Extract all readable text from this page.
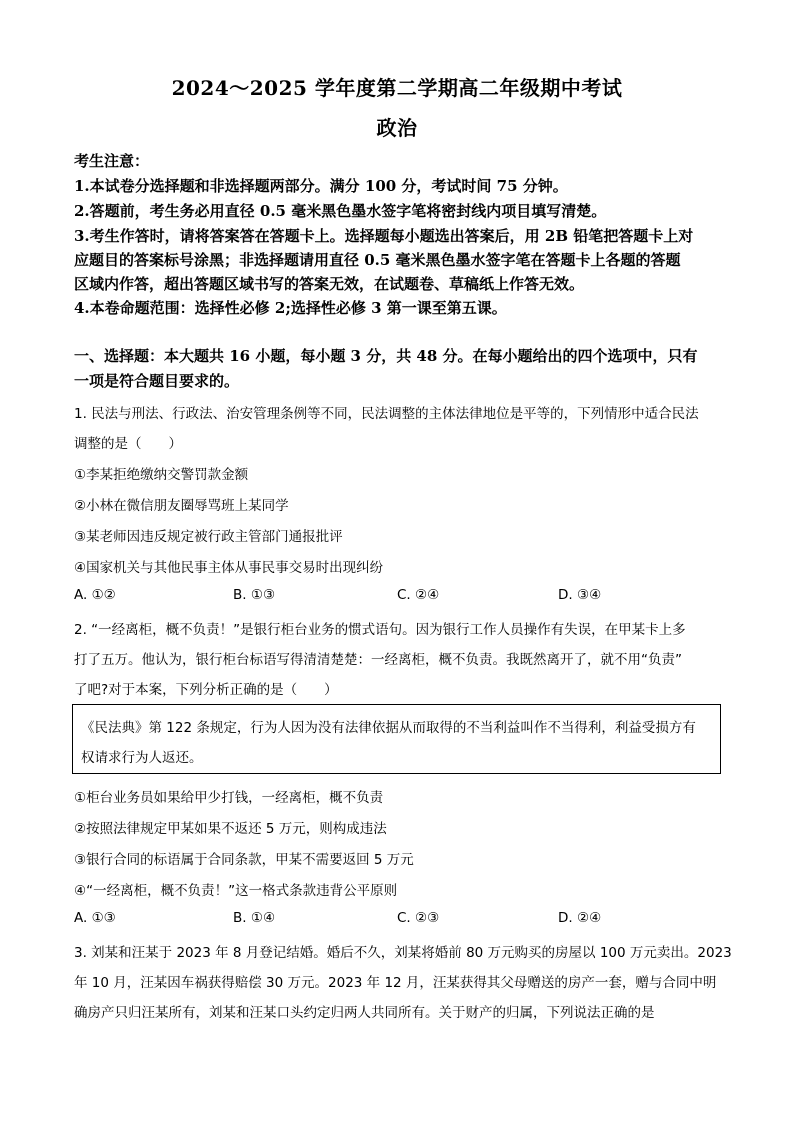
2024～2025 学年度第二学期高二年级期中考试
政治
考生注意：
1.本试卷分选择题和非选择题两部分。满分 100 分，考试时间 75 分钟。
2.答题前，考生务必用直径 0.5 毫米黑色墨水签字笔将密封线内项目填写清楚。
3.考生作答时，请将答案答在答题卡上。选择题每小题选出答案后，用 2B 铅笔把答题卡上对
应题目的答案标号涂黑；非选择题请用直径 0.5 毫米黑色墨水签字笔在答题卡上各题的答题
区域内作答，超出答题区域书写的答案无效，在试题卷、草稿纸上作答无效。
4.本卷命题范围：选择性必修 2;选择性必修 3 第一课至第五课。
一、选择题：本大题共 16 小题，每小题 3 分，共 48 分。在每小题给出的四个选项中，只有
一项是符合题目要求的。
1. 民法与刑法、行政法、治安管理条例等不同，民法调整的主体法律地位是平等的，下列情形中适合民法
调整的是（　　）
①李某拒绝缴纳交警罚款金额
②小林在微信朋友圈辱骂班上某同学
③某老师因违反规定被行政主管部门通报批评
④国家机关与其他民事主体从事民事交易时出现纠纷
A. ①②	B. ①③	C. ②④	D. ③④
2. “一经离柜，概不负责！”是银行柜台业务的惯式语句。因为银行工作人员操作有失误，在甲某卡上多
打了五万。他认为，银行柜台标语写得清清楚楚：一经离柜，概不负责。我既然离开了，就不用“负责”
了吧?对于本案，下列分析正确的是（　　）
《民法典》第 122 条规定，行为人因为没有法律依据从而取得的不当利益叫作不当得利，利益受损方有
权请求行为人返还。
①柜台业务员如果给甲少打钱，一经离柜，概不负责
②按照法律规定甲某如果不返还 5 万元，则构成违法
③银行合同的标语属于合同条款，甲某不需要返回 5 万元
④“一经离柜，概不负责！”这一格式条款违背公平原则
A. ①③	B. ①④	C. ②③	D. ②④
3. 刘某和汪某于 2023 年 8 月登记结婚。婚后不久，刘某将婚前 80 万元购买的房屋以 100 万元卖出。2023
年 10 月，汪某因车祸获得赔偿 30 万元。2023 年 12 月，汪某获得其父母赠送的房产一套，赠与合同中明
确房产只归汪某所有，刘某和汪某口头约定归两人共同所有。关于财产的归属，下列说法正确的是
